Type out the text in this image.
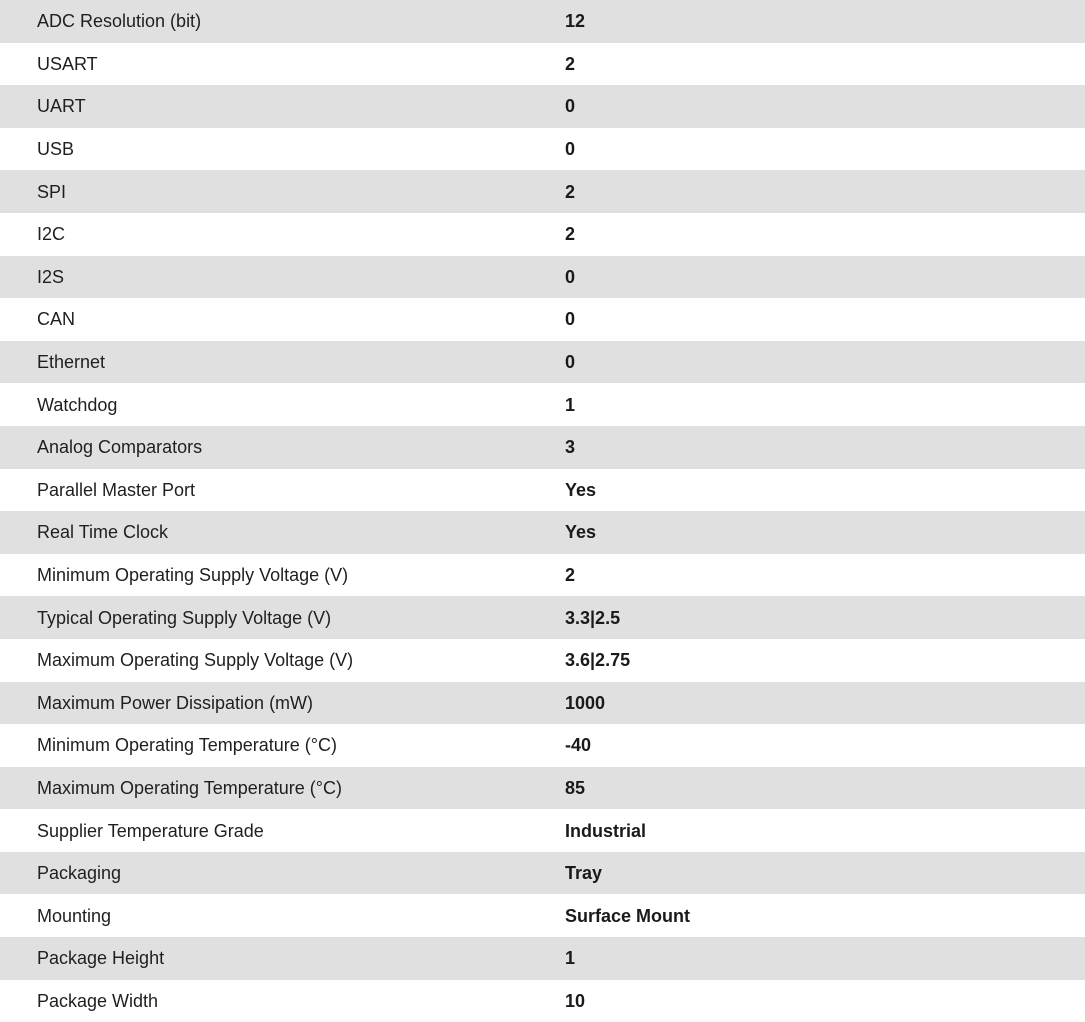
ADC Resolution (bit)	12
USART	2
UART	0
USB	0
SPI	2
I2C	2
I2S	0
CAN	0
Ethernet	0
Watchdog	1
Analog Comparators	3
Parallel Master Port	Yes
Real Time Clock	Yes
Minimum Operating Supply Voltage (V)	2
Typical Operating Supply Voltage (V)	3.3|2.5
Maximum Operating Supply Voltage (V)	3.6|2.75
Maximum Power Dissipation (mW)	1000
Minimum Operating Temperature (°C)	-40
Maximum Operating Temperature (°C)	85
Supplier Temperature Grade	Industrial
Packaging	Tray
Mounting	Surface Mount
Package Height	1
Package Width	10
